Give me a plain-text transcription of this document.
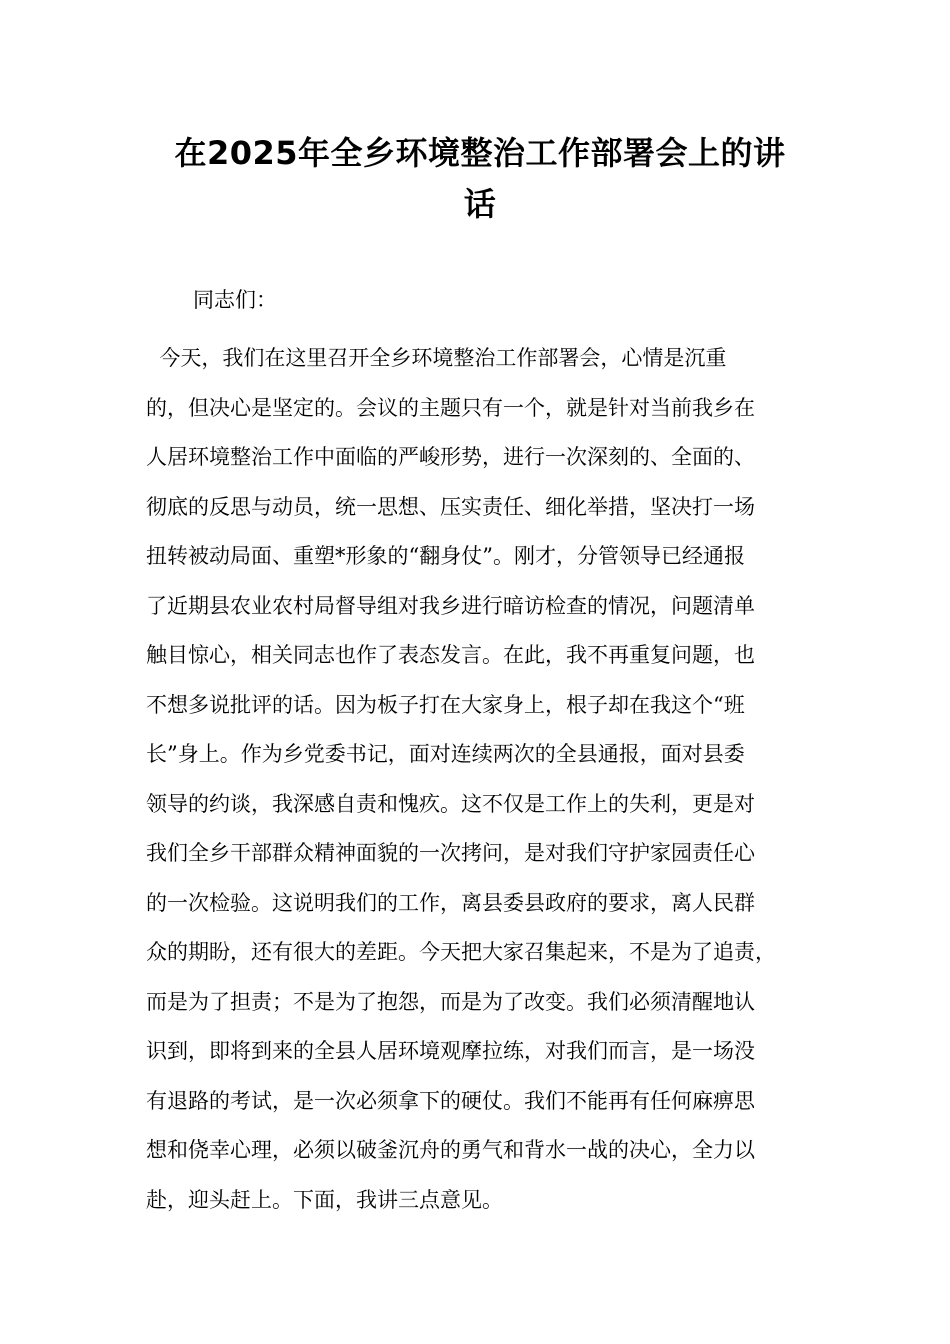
在2025年全乡环境整治工作部署会上的讲
话

同志们：

今天，我们在这里召开全乡环境整治工作部署会，心情是沉重
的，但决心是坚定的。会议的主题只有一个，就是针对当前我乡在
人居环境整治工作中面临的严峻形势，进行一次深刻的、全面的、
彻底的反思与动员，统一思想、压实责任、细化举措，坚决打一场
扭转被动局面、重塑*形象的“翻身仗”。刚才，分管领导已经通报
了近期县农业农村局督导组对我乡进行暗访检查的情况，问题清单
触目惊心，相关同志也作了表态发言。在此，我不再重复问题，也
不想多说批评的话。因为板子打在大家身上，根子却在我这个“班
长”身上。作为乡党委书记，面对连续两次的全县通报，面对县委
领导的约谈，我深感自责和愧疚。这不仅是工作上的失利，更是对
我们全乡干部群众精神面貌的一次拷问，是对我们守护家园责任心
的一次检验。这说明我们的工作，离县委县政府的要求，离人民群
众的期盼，还有很大的差距。今天把大家召集起来，不是为了追责，
而是为了担责；不是为了抱怨，而是为了改变。我们必须清醒地认
识到，即将到来的全县人居环境观摩拉练，对我们而言，是一场没
有退路的考试，是一次必须拿下的硬仗。我们不能再有任何麻痹思
想和侥幸心理，必须以破釜沉舟的勇气和背水一战的决心，全力以
赴，迎头赶上。下面，我讲三点意见。
